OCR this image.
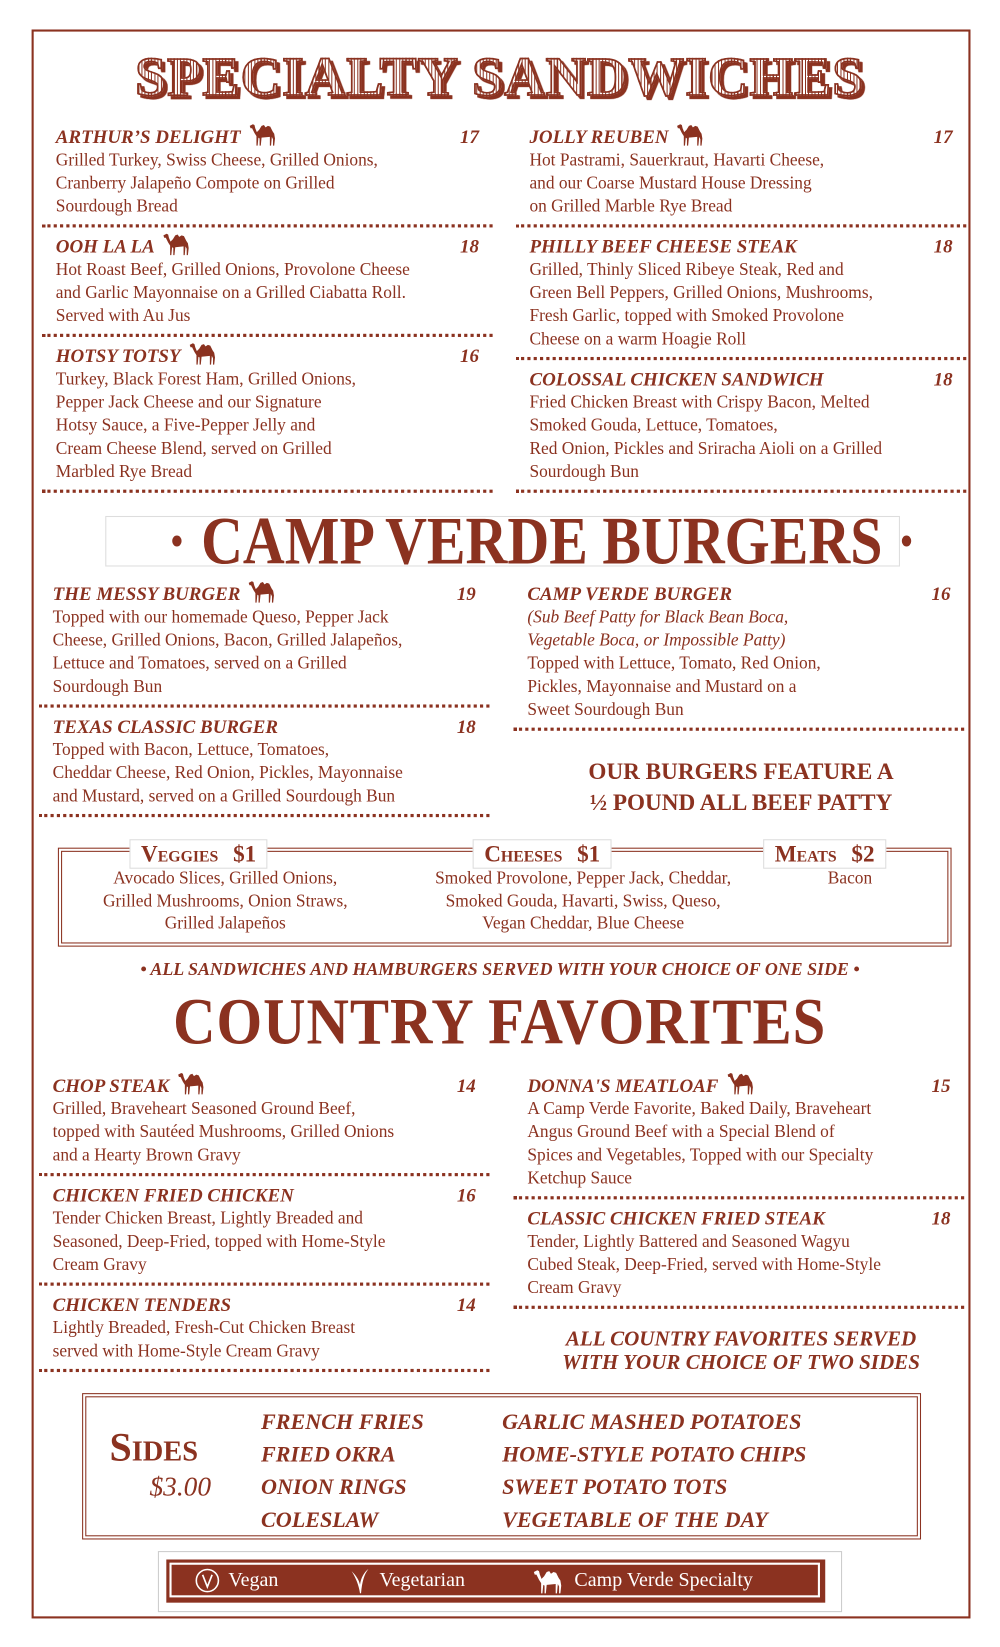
SPECIALTY SANDWICHES
ARTHUR’S DELIGHT	17
Grilled Turkey, Swiss Cheese, Grilled Onions,
Cranberry Jalapeño Compote on Grilled
Sourdough Bread
OOH LA LA	18
Hot Roast Beef, Grilled Onions, Provolone Cheese
and Garlic Mayonnaise on a Grilled Ciabatta Roll.
Served with Au Jus
HOTSY TOTSY	16
Turkey, Black Forest Ham, Grilled Onions,
Pepper Jack Cheese and our Signature
Hotsy Sauce, a Five-Pepper Jelly and
Cream Cheese Blend, served on Grilled
Marbled Rye Bread
JOLLY REUBEN	17
Hot Pastrami, Sauerkraut, Havarti Cheese,
and our Coarse Mustard House Dressing
on Grilled Marble Rye Bread
PHILLY BEEF CHEESE STEAK	18
Grilled, Thinly Sliced Ribeye Steak, Red and
Green Bell Peppers, Grilled Onions, Mushrooms,
Fresh Garlic, topped with Smoked Provolone
Cheese on a warm Hoagie Roll
COLOSSAL CHICKEN SANDWICH	18
Fried Chicken Breast with Crispy Bacon, Melted
Smoked Gouda, Lettuce, Tomatoes,
Red Onion, Pickles and Sriracha Aioli on a Grilled
Sourdough Bun
· CAMP VERDE BURGERS ·
THE MESSY BURGER	19
Topped with our homemade Queso, Pepper Jack
Cheese, Grilled Onions, Bacon, Grilled Jalapeños,
Lettuce and Tomatoes, served on a Grilled
Sourdough Bun
TEXAS CLASSIC BURGER	18
Topped with Bacon, Lettuce, Tomatoes,
Cheddar Cheese, Red Onion, Pickles, Mayonnaise
and Mustard, served on a Grilled Sourdough Bun
CAMP VERDE BURGER	16
(Sub Beef Patty for Black Bean Boca,
Vegetable Boca, or Impossible Patty)
Topped with Lettuce, Tomato, Red Onion,
Pickles, Mayonnaise and Mustard on a
Sweet Sourdough Bun
OUR BURGERS FEATURE A
½ POUND ALL BEEF PATTY
Veggies $1	Cheeses $1	Meats $2
Avocado Slices, Grilled Onions,
Grilled Mushrooms, Onion Straws,
Grilled Jalapeños
Smoked Provolone, Pepper Jack, Cheddar,
Smoked Gouda, Havarti, Swiss, Queso,
Vegan Cheddar, Blue Cheese
Bacon
• ALL SANDWICHES AND HAMBURGERS SERVED WITH YOUR CHOICE OF ONE SIDE •
COUNTRY FAVORITES
CHOP STEAK	14
Grilled, Braveheart Seasoned Ground Beef,
topped with Sautéed Mushrooms, Grilled Onions
and a Hearty Brown Gravy
CHICKEN FRIED CHICKEN	16
Tender Chicken Breast, Lightly Breaded and
Seasoned, Deep-Fried, topped with Home-Style
Cream Gravy
CHICKEN TENDERS	14
Lightly Breaded, Fresh-Cut Chicken Breast
served with Home-Style Cream Gravy
DONNA'S MEATLOAF	15
A Camp Verde Favorite, Baked Daily, Braveheart
Angus Ground Beef with a Special Blend of
Spices and Vegetables, Topped with our Specialty
Ketchup Sauce
CLASSIC CHICKEN FRIED STEAK	18
Tender, Lightly Battered and Seasoned Wagyu
Cubed Steak, Deep-Fried, served with Home-Style
Cream Gravy
ALL COUNTRY FAVORITES SERVED
WITH YOUR CHOICE OF TWO SIDES
Sides
$3.00
FRENCH FRIES
FRIED OKRA
ONION RINGS
COLESLAW
GARLIC MASHED POTATOES
HOME-STYLE POTATO CHIPS
SWEET POTATO TOTS
VEGETABLE OF THE DAY
Vegan	Vegetarian	Camp Verde Specialty
